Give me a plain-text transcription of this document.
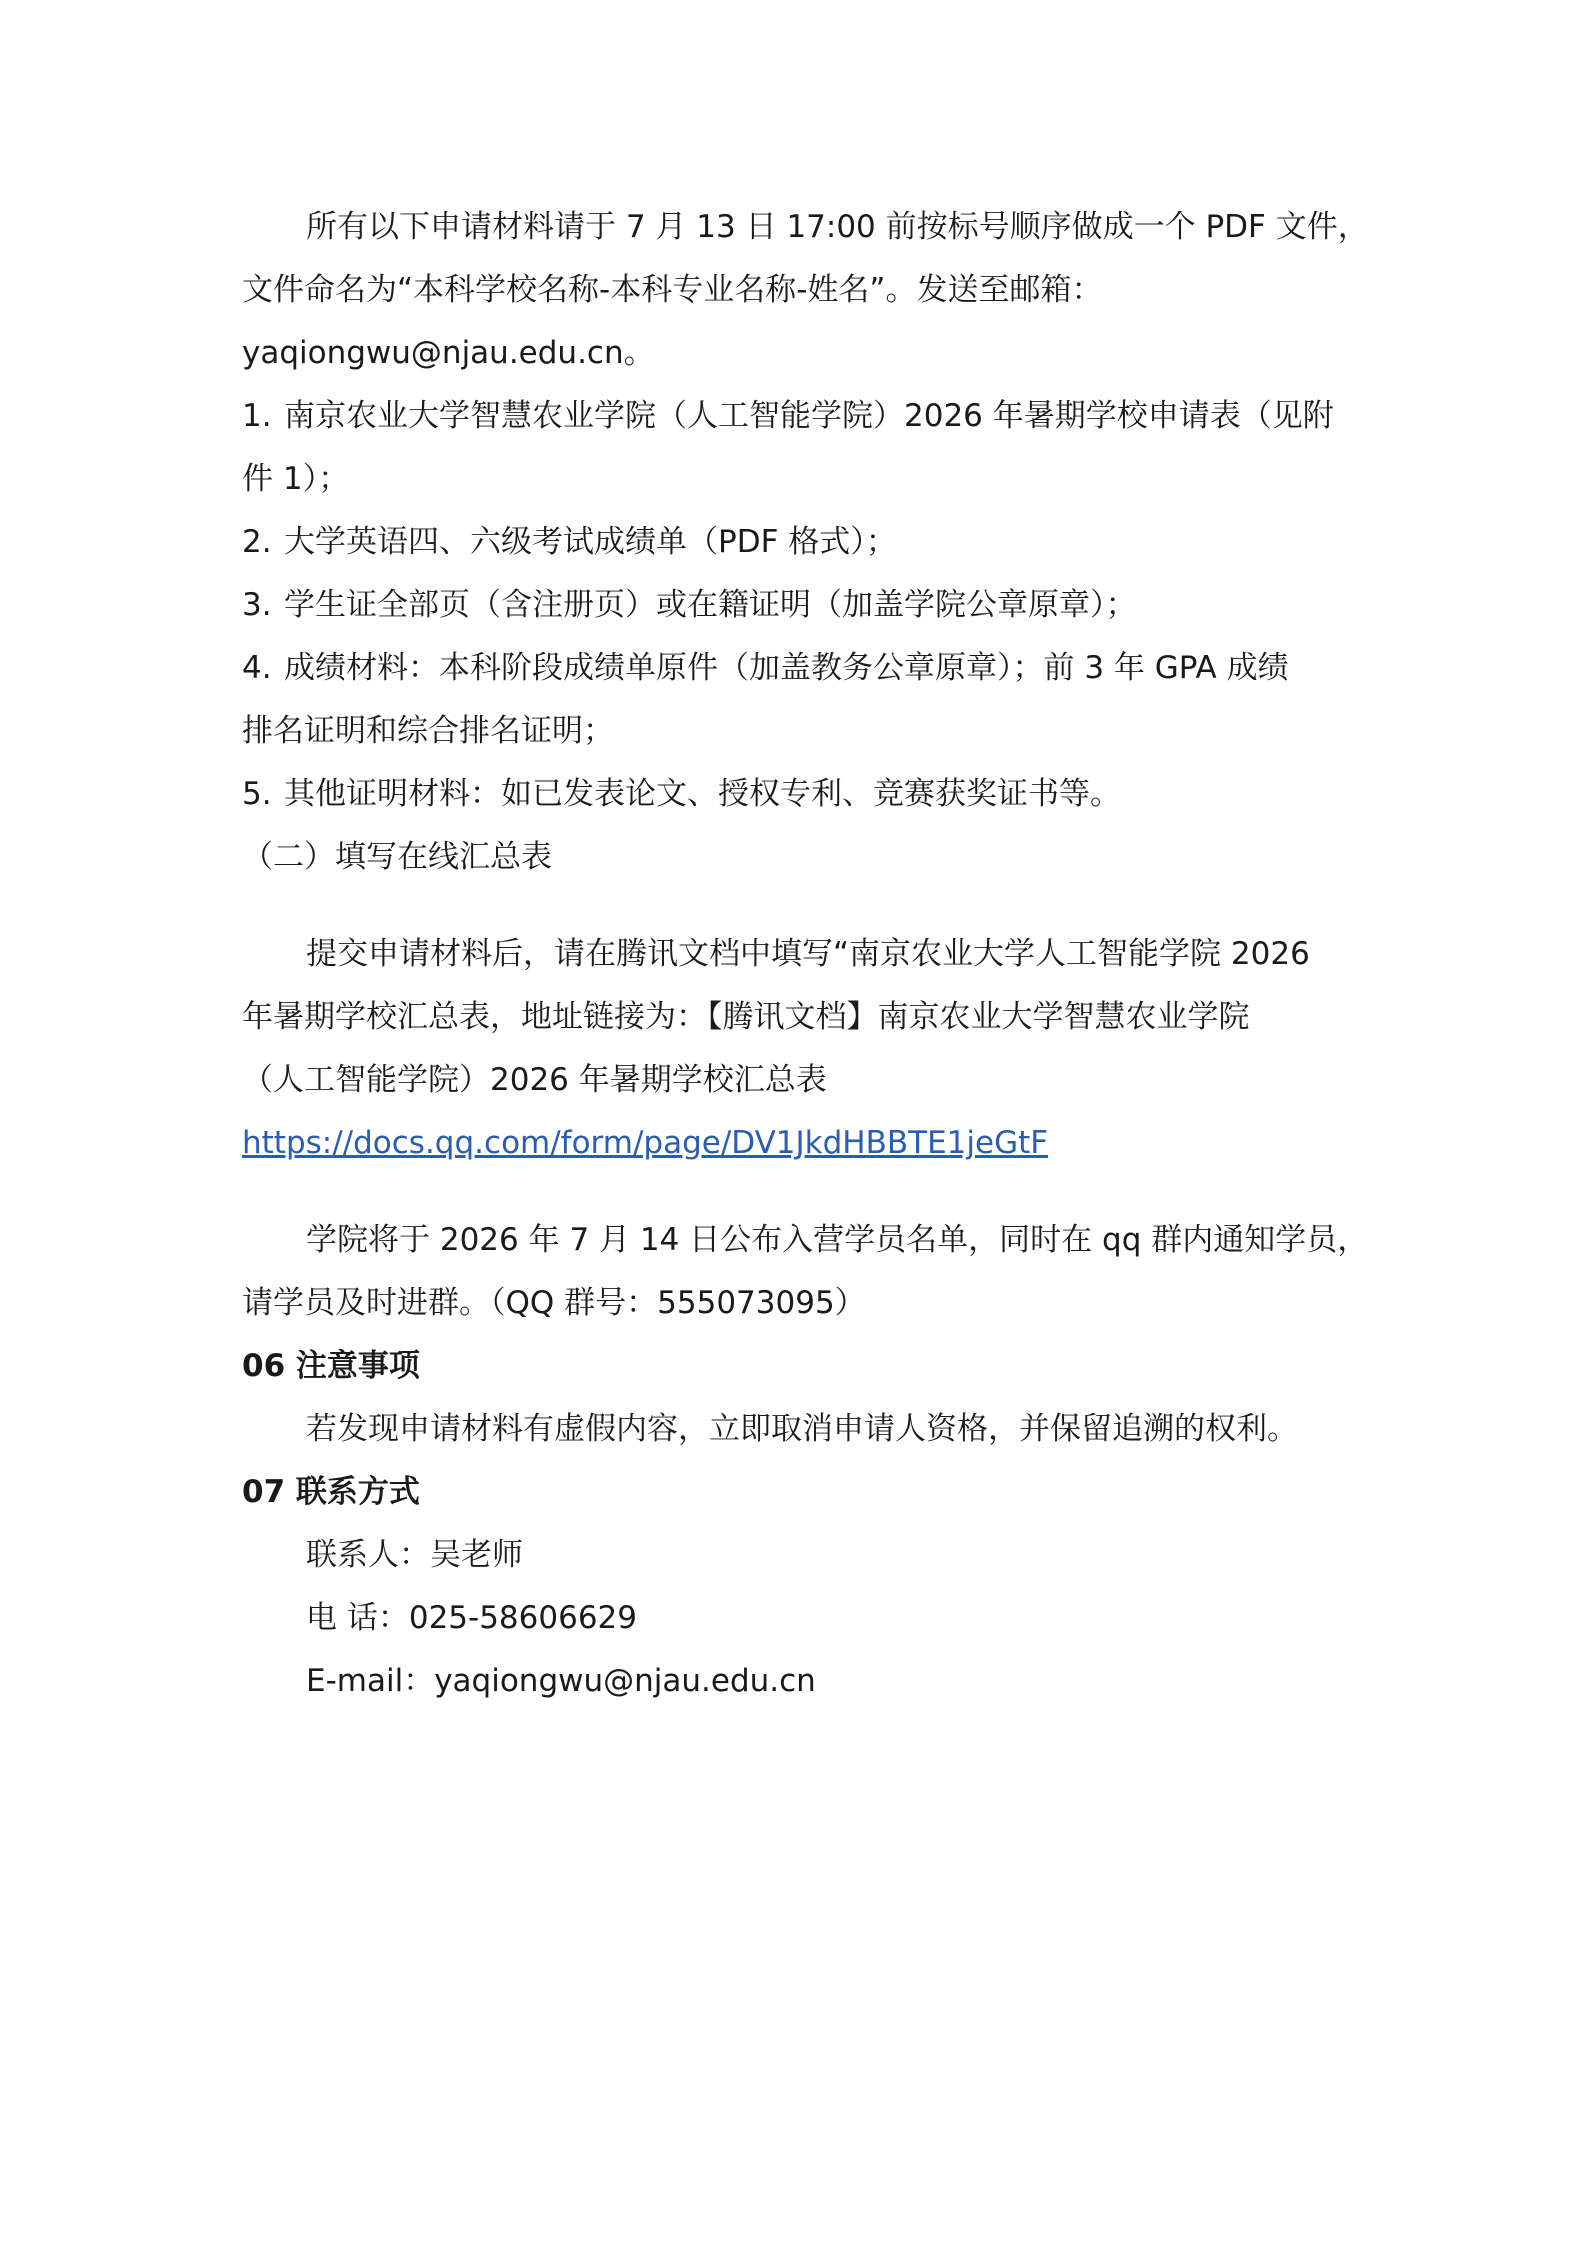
所有以下申请材料请于 7 月 13 日 17:00 前按标号顺序做成一个 PDF 文件，
文件命名为“本科学校名称-本科专业名称-姓名”。发送至邮箱：
yaqiongwu@njau.edu.cn。
1. 南京农业大学智慧农业学院（人工智能学院）2026 年暑期学校申请表（见附
件 1）；
2. 大学英语四、六级考试成绩单（PDF 格式）；
3. 学生证全部页（含注册页）或在籍证明（加盖学院公章原章）；
4. 成绩材料：本科阶段成绩单原件（加盖教务公章原章）；前 3 年 GPA 成绩
排名证明和综合排名证明；
5. 其他证明材料：如已发表论文、授权专利、竞赛获奖证书等。
（二）填写在线汇总表
提交申请材料后，请在腾讯文档中填写“南京农业大学人工智能学院 2026
年暑期学校汇总表，地址链接为：【腾讯文档】南京农业大学智慧农业学院
（人工智能学院）2026 年暑期学校汇总表
https://docs.qq.com/form/page/DV1JkdHBBTE1jeGtF
学院将于 2026 年 7 月 14 日公布入营学员名单，同时在 qq 群内通知学员，
请学员及时进群。（QQ 群号：555073095）
06 注意事项
若发现申请材料有虚假内容，立即取消申请人资格，并保留追溯的权利。
07 联系方式
联系人：吴老师
电 话：025-58606629
E-mail：yaqiongwu@njau.edu.cn
